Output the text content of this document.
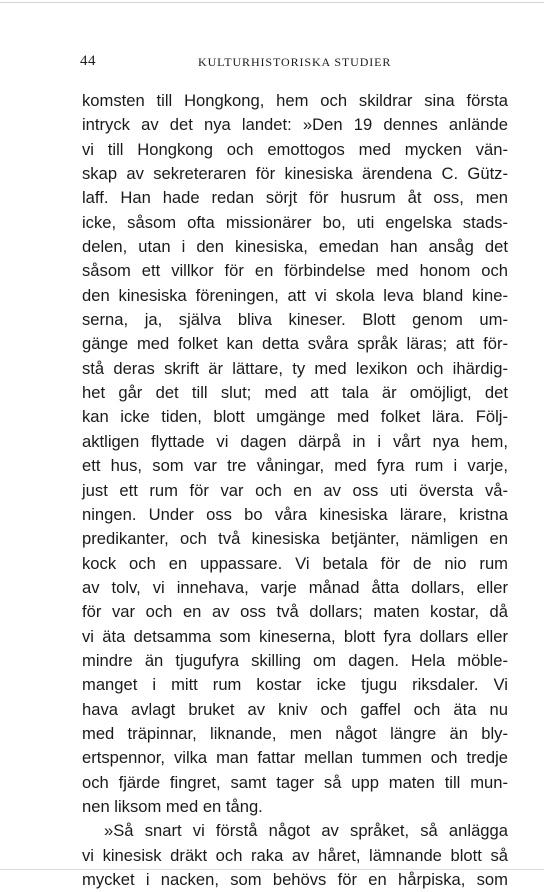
44	KULTURHISTORISKA STUDIER

komsten till Hongkong, hem och skildrar sina första
intryck av det nya landet: »Den 19 dennes anlände
vi till Hongkong och emottogos med mycken vän-
skap av sekreteraren för kinesiska ärendena C. Gütz-
laff. Han hade redan sörjt för husrum åt oss, men
icke, såsom ofta missionärer bo, uti engelska stads-
delen, utan i den kinesiska, emedan han ansåg det
såsom ett villkor för en förbindelse med honom och
den kinesiska föreningen, att vi skola leva bland kine-
serna, ja, själva bliva kineser. Blott genom um-
gänge med folket kan detta svåra språk läras; att för-
stå deras skrift är lättare, ty med lexikon och ihärdig-
het går det till slut; med att tala är omöjligt, det
kan icke tiden, blott umgänge med folket lära. Följ-
aktligen flyttade vi dagen därpå in i vårt nya hem,
ett hus, som var tre våningar, med fyra rum i varje,
just ett rum för var och en av oss uti översta vå-
ningen. Under oss bo våra kinesiska lärare, kristna
predikanter, och två kinesiska betjänter, nämligen en
kock och en uppassare. Vi betala för de nio rum
av tolv, vi innehava, varje månad åtta dollars, eller
för var och en av oss två dollars; maten kostar, då
vi äta detsamma som kineserna, blott fyra dollars eller
mindre än tjugufyra skilling om dagen. Hela möble-
manget i mitt rum kostar icke tjugu riksdaler. Vi
hava avlagt bruket av kniv och gaffel och äta nu
med träpinnar, liknande, men något längre än bly-
ertspennor, vilka man fattar mellan tummen och tredje
och fjärde fingret, samt tager så upp maten till mun-
nen liksom med en tång.

»Så snart vi förstå något av språket, så anlägga
vi kinesisk dräkt och raka av håret, lämnande blott så
mycket i nacken, som behövs för en hårpiska, som
